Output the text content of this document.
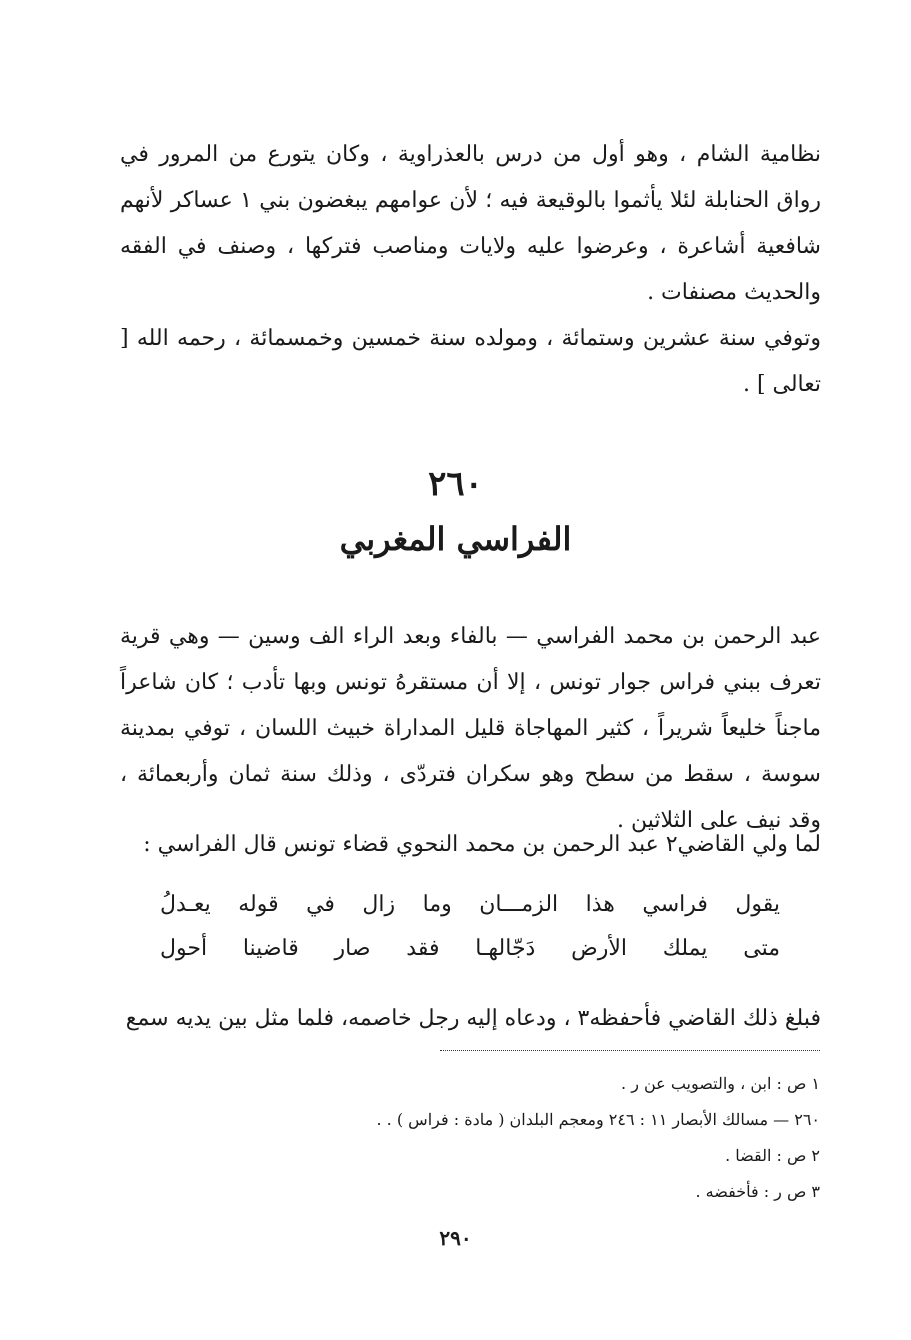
نظامية الشام ، وهو أول من درس بالعذراوية ، وكان يتورع من المرور في رواق الحنابلة لئلا يأثموا بالوقيعة فيه ؛ لأن عوامهم يبغضون بني ١ عساكر لأنهم شافعية أشاعرة ، وعرضوا عليه ولايات ومناصب فتركها ، وصنف في الفقه والحديث مصنفات .

وتوفي سنة عشرين وستمائة ، ومولده سنة خمسين وخمسمائة ، رحمه الله [ تعالى ] .

٢٦٠
الفراسي المغربي

عبد الرحمن بن محمد الفراسي — بالفاء وبعد الراء الف وسين — وهي قرية تعرف ببني فراس جوار تونس ، إلا أن مستقرهُ تونس وبها تأدب ؛ كان شاعراً ماجناً خليعاً شريراً ، كثير المهاجاة قليل المداراة خبيث اللسان ، توفي بمدينة سوسة ، سقط من سطح وهو سكران فتردّى ، وذلك سنة ثمان وأربعمائة ، وقد نيف على الثلاثين .

لما ولي القاضي٢ عبد الرحمن بن محمد النحوي قضاء تونس قال الفراسي :

يقول فراسي هذا الزمـــان وما زال في قوله يعـدلُ

متى يملك الأرض دَجّالهـا فقد صار قاضينا أحول

فبلغ ذلك القاضي فأحفظه٣ ، ودعاه إليه رجل خاصمه، فلما مثل بين يديه سمع

١ ص : ابن ، والتصويب عن ر .
٢٦٠ — مسالك الأبصار ١١ : ٢٤٦ ومعجم البلدان ( مادة : فراس ) . .
٢ ص : القضا .
٣ ص ر : فأخفضه .

٢٩٠
